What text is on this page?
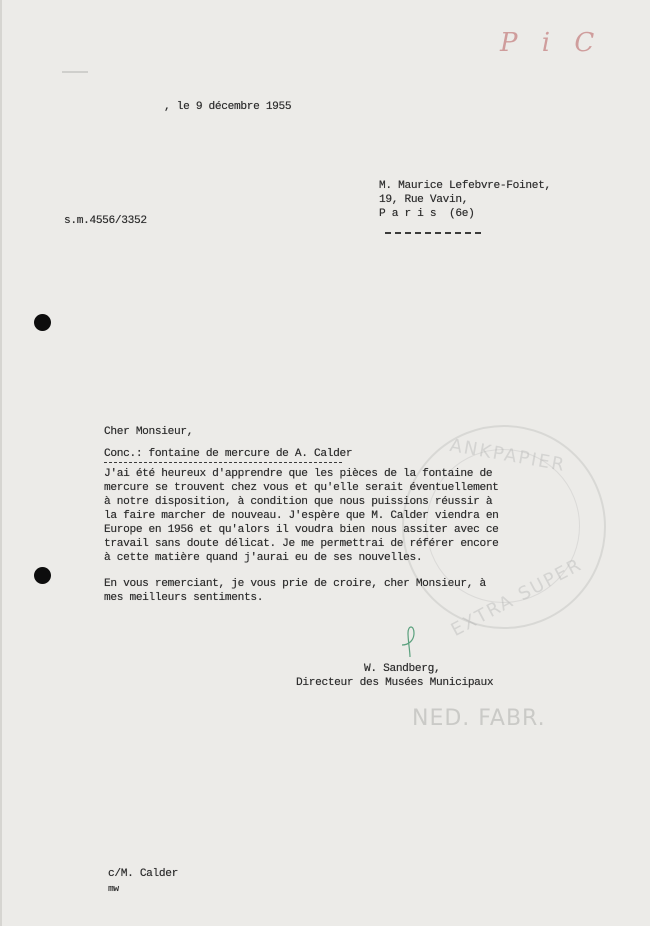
P i C
, le 9 décembre 1955
M. Maurice Lefebvre-Foinet,
19, Rue Vavin,
P a r i s  (6e)
s.m.4556/3352
ANKPAPIER
EXTRA SUPER
Cher Monsieur,
Conc.: fontaine de mercure de A. Calder
J'ai été heureux d'apprendre que les pièces de la fontaine de
mercure se trouvent chez vous et qu'elle serait éventuellement
à notre disposition, à condition que nous puissions réussir à
la faire marcher de nouveau. J'espère que M. Calder viendra en
Europe en 1956 et qu'alors il voudra bien nous assiter avec ce
travail sans doute délicat. Je me permettrai de référer encore
à cette matière quand j'aurai eu de ses nouvelles.
En vous remerciant, je vous prie de croire, cher Monsieur, à
mes meilleurs sentiments.
W. Sandberg,
Directeur des Musées Municipaux
NED. FABR.
c/M. Calder
mw
